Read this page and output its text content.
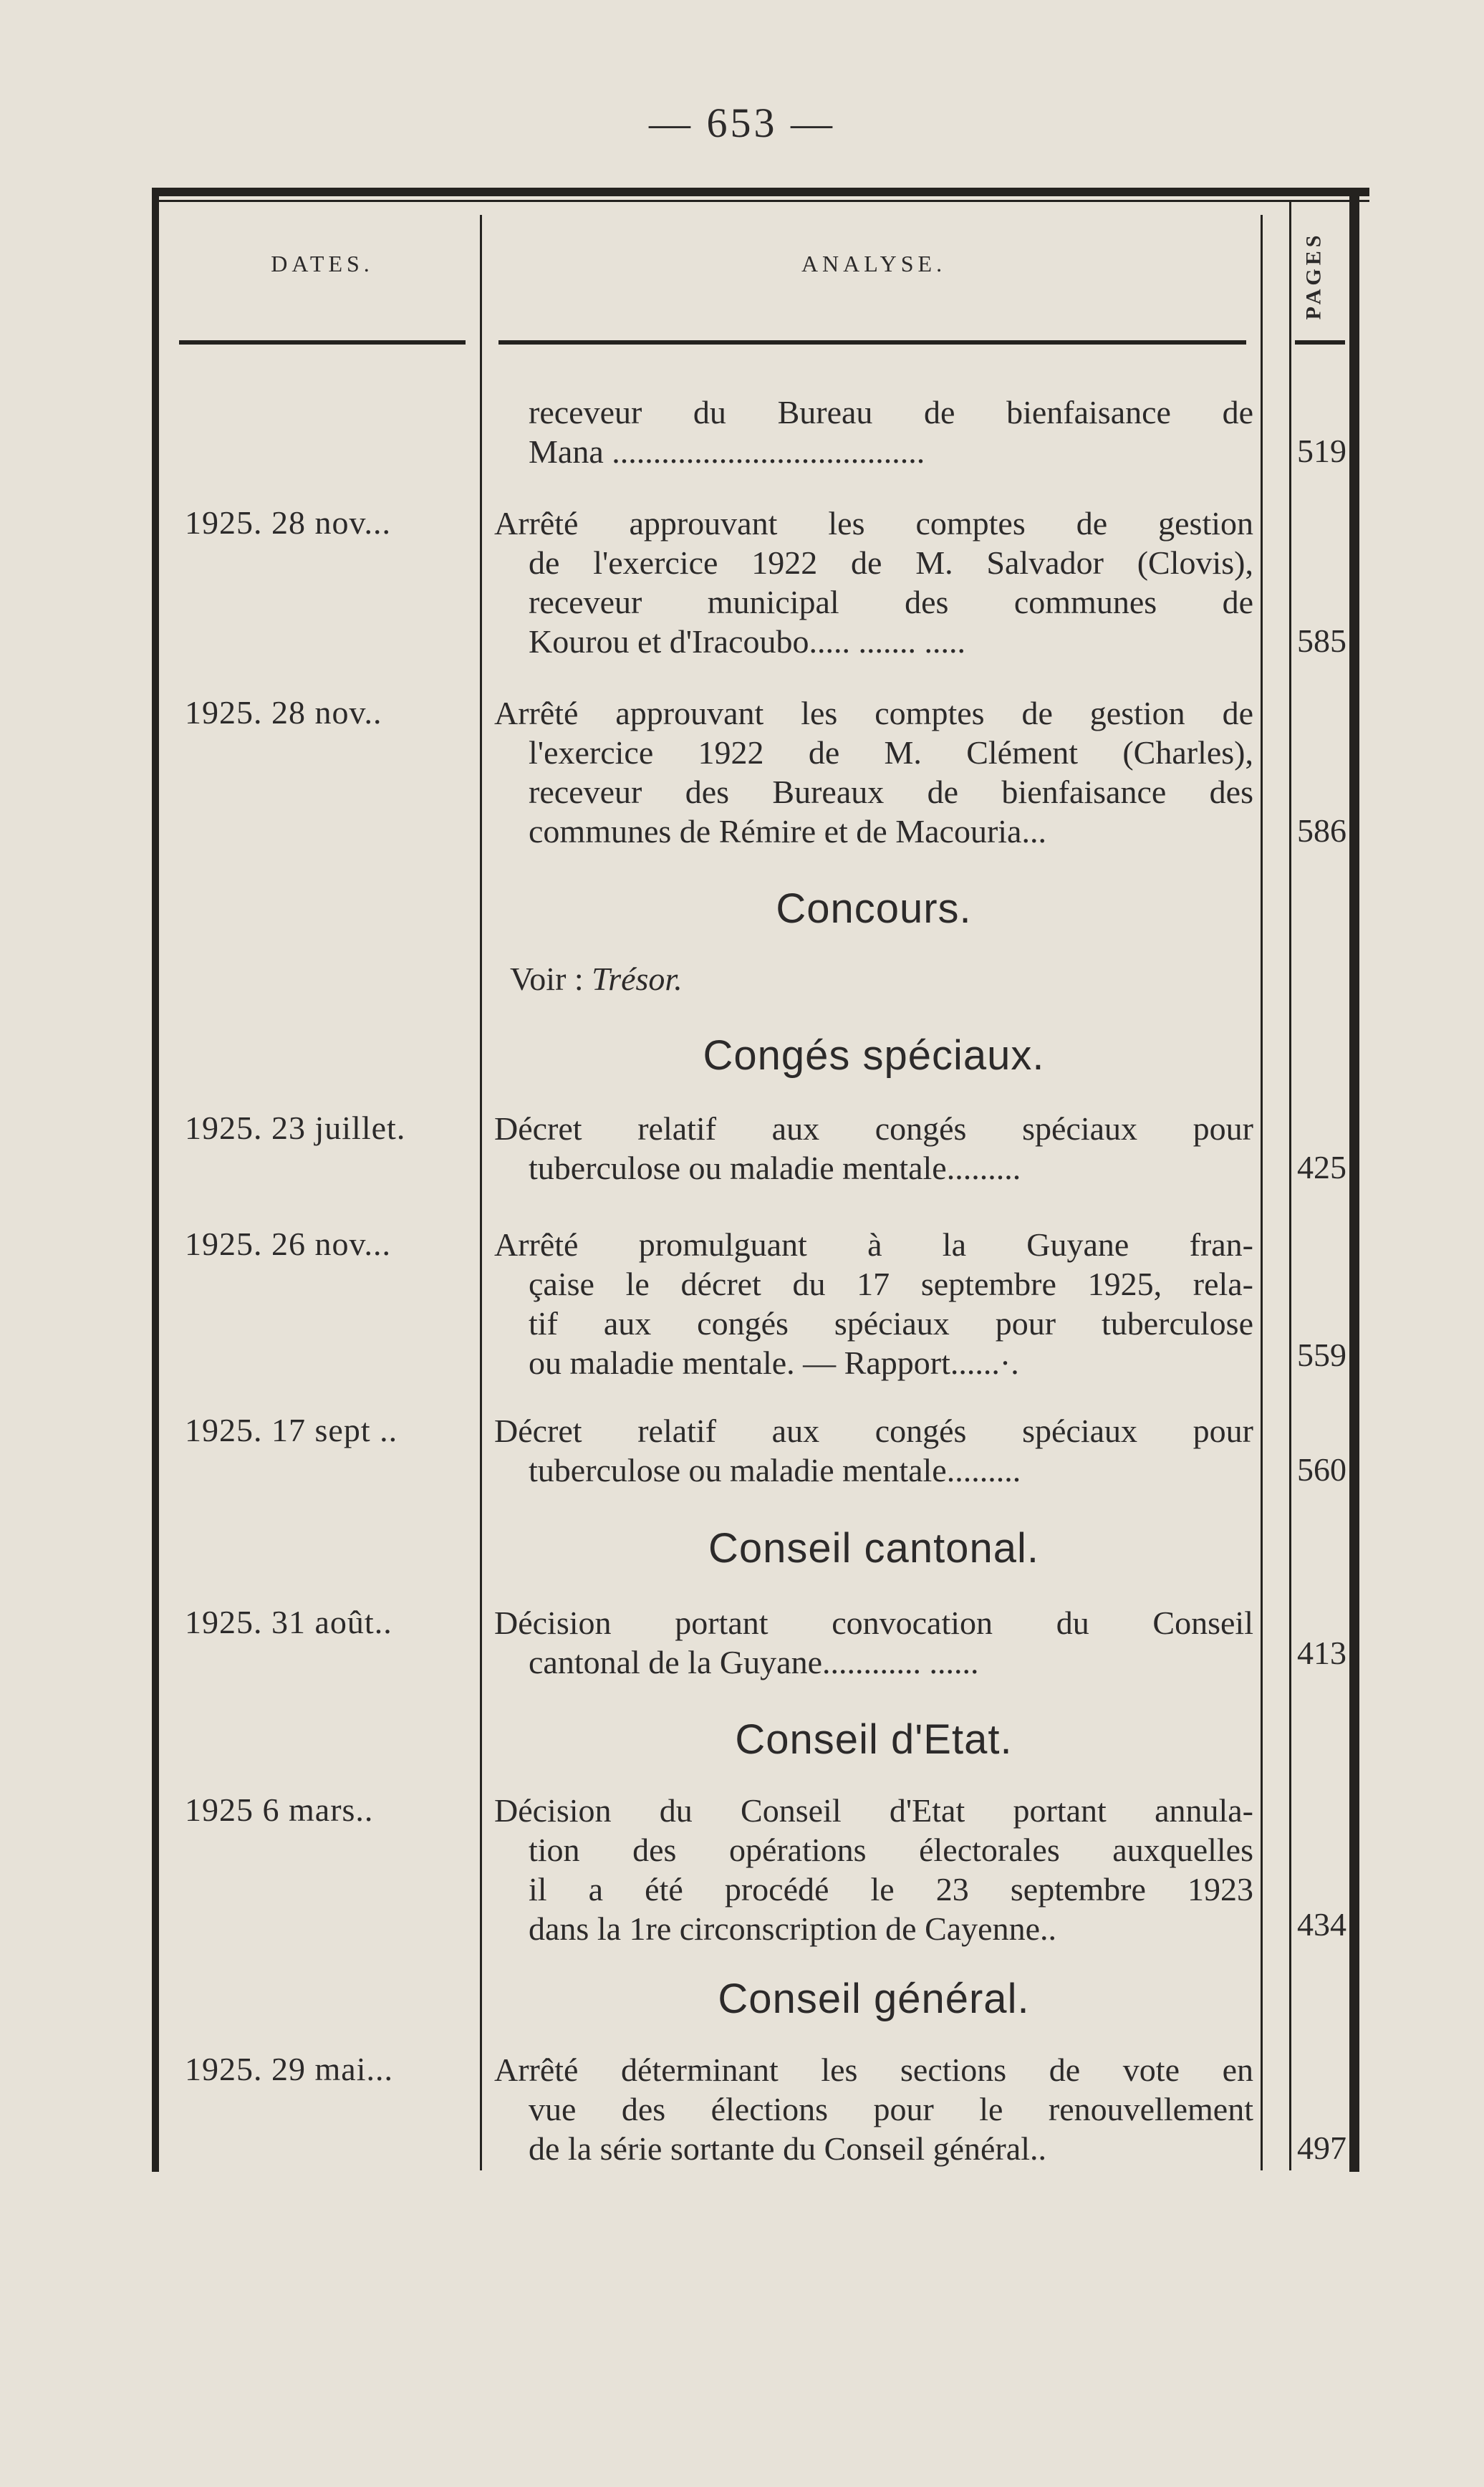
— 653 —
DATES.	ANALYSE.	PAGES
receveur du Bureau de bienfaisance de
Mana ......................................	519
1925. 28 nov...	Arrêté approuvant les comptes de gestion
de l'exercice 1922 de M. Salvador (Clovis),
receveur municipal des communes de
Kourou et d'Iracoubo..... ....... .....	585
1925. 28 nov..	Arrêté approuvant les comptes de gestion de
l'exercice 1922 de M. Clément (Charles),
receveur des Bureaux de bienfaisance des
communes de Rémire et de Macouria...	586
Concours.
Voir : Trésor.
Congés spéciaux.
1925. 23 juillet.	Décret relatif aux congés spéciaux pour
tuberculose ou maladie mentale.........	425
1925. 26 nov...	Arrêté promulguant à la Guyane fran-
çaise le décret du 17 septembre 1925, rela-
tif aux congés spéciaux pour tuberculose
ou maladie mentale. — Rapport......·.	559
1925. 17 sept ..	Décret relatif aux congés spéciaux pour
tuberculose ou maladie mentale.........	560
Conseil cantonal.
1925. 31 août..	Décision portant convocation du Conseil
cantonal de la Guyane............ ......	413
Conseil d'Etat.
1925 6 mars..	Décision du Conseil d'Etat portant annula-
tion des opérations électorales auxquelles
il a été procédé le 23 septembre 1923
dans la 1re circonscription de Cayenne..	434
Conseil général.
1925. 29 mai...	Arrêté déterminant les sections de vote en
vue des élections pour le renouvellement
de la série sortante du Conseil général..	497
